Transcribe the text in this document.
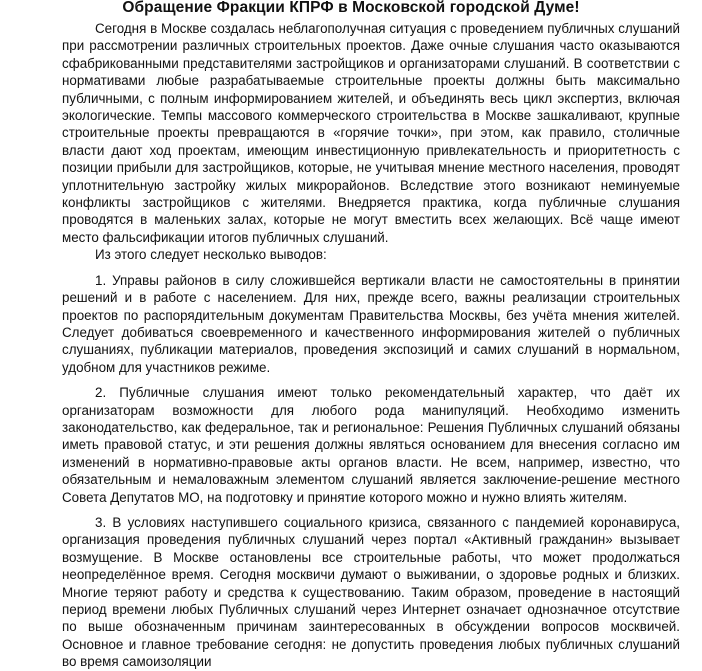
Обращение Фракции КПРФ в Московской городской Думе!

Сегодня в Москве создалась неблагополучная ситуация с проведением публичных слушаний при рассмотрении различных строительных проектов. Даже очные слушания часто оказываются сфабрикованными представителями застройщиков и организаторами слушаний. В соответствии с нормативами любые разрабатываемые строительные проекты должны быть максимально публичными, с полным информированием жителей, и объединять весь цикл экспертиз, включая экологические. Темпы массового коммерческого строительства в Москве зашкаливают, крупные строительные проекты превращаются в «горячие точки», при этом, как правило, столичные власти дают ход проектам, имеющим инвестиционную привлекательность и приоритетность с позиции прибыли для застройщиков, которые, не учитывая мнение местного населения, проводят уплотнительную застройку жилых микрорайонов. Вследствие этого возникают неминуемые конфликты застройщиков с жителями. Внедряется практика, когда публичные слушания проводятся в маленьких залах, которые не могут вместить всех желающих. Всё чаще имеют место фальсификации итогов публичных слушаний.

Из этого следует несколько выводов:

1. Управы районов в силу сложившейся вертикали власти не самостоятельны в принятии решений и в работе с населением. Для них, прежде всего, важны реализации строительных проектов по распорядительным документам Правительства Москвы, без учёта мнения жителей. Следует добиваться своевременного и качественного информирования жителей о публичных слушаниях, публикации материалов, проведения экспозиций и самих слушаний в нормальном, удобном для участников режиме.

2. Публичные слушания имеют только рекомендательный характер, что даёт их организаторам возможности для любого рода манипуляций. Необходимо изменить законодательство, как федеральное, так и региональное: Решения Публичных слушаний обязаны иметь правовой статус, и эти решения должны являться основанием для внесения согласно им изменений в нормативно-правовые акты органов власти. Не всем, например, известно, что обязательным и немаловажным элементом слушаний является заключение-решение местного Совета Депутатов МО, на подготовку и принятие которого можно и нужно влиять жителям.

3. В условиях наступившего социального кризиса, связанного с пандемией коронавируса, организация проведения публичных слушаний через портал «Активный гражданин» вызывает возмущение. В Москве остановлены все строительные работы, что может продолжаться неопределённое время. Сегодня москвичи думают о выживании, о здоровье родных и близких. Многие теряют работу и средства к существованию. Таким образом, проведение в настоящий период времени любых Публичных слушаний через Интернет означает однозначное отсутствие по выше обозначенным причинам заинтересованных в обсуждении вопросов москвичей. Основное и главное требование сегодня: не допустить проведения любых публичных слушаний во время самоизоляции
